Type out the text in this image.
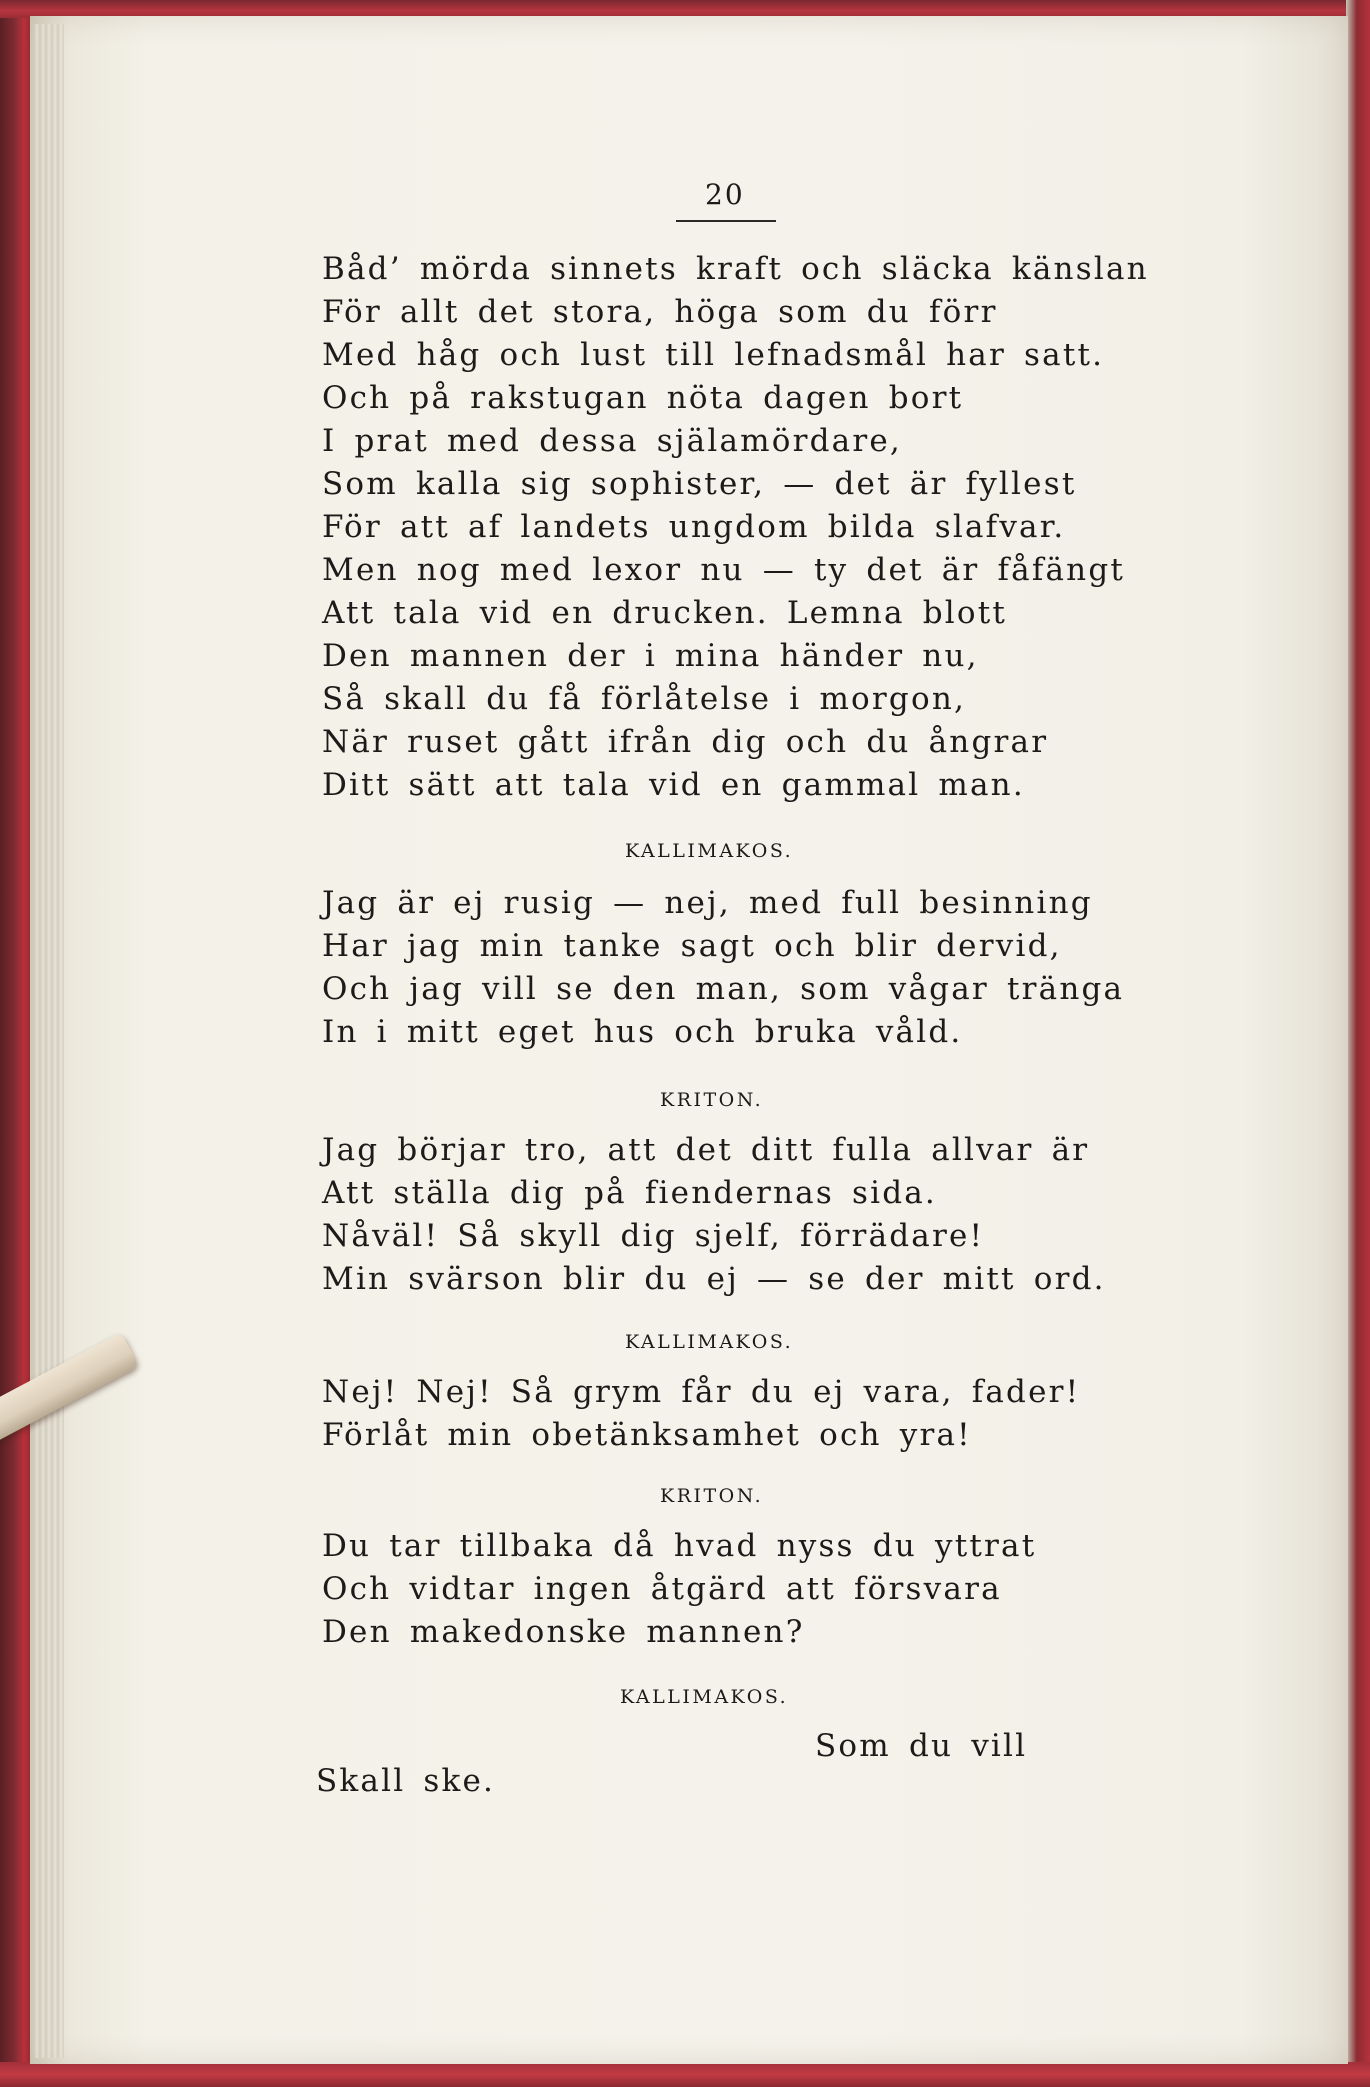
20
Båd’ mörda sinnets kraft och släcka känslan
För allt det stora, höga som du förr
Med håg och lust till lefnadsmål har satt.
Och på rakstugan nöta dagen bort
I prat med dessa själamördare,
Som kalla sig sophister, — det är fyllest
För att af landets ungdom bilda slafvar.
Men nog med lexor nu — ty det är fåfängt
Att tala vid en drucken. Lemna blott
Den mannen der i mina händer nu,
Så skall du få förlåtelse i morgon,
När ruset gått ifrån dig och du ångrar
Ditt sätt att tala vid en gammal man.
KALLIMAKOS.
Jag är ej rusig — nej, med full besinning
Har jag min tanke sagt och blir dervid,
Och jag vill se den man, som vågar tränga
In i mitt eget hus och bruka våld.
KRITON.
Jag börjar tro, att det ditt fulla allvar är
Att ställa dig på fiendernas sida.
Nåväl! Så skyll dig sjelf, förrädare!
Min svärson blir du ej — se der mitt ord.
KALLIMAKOS.
Nej! Nej! Så grym får du ej vara, fader!
Förlåt min obetänksamhet och yra!
KRITON.
Du tar tillbaka då hvad nyss du yttrat
Och vidtar ingen åtgärd att försvara
Den makedonske mannen?
KALLIMAKOS.
Som du vill
Skall ske.
